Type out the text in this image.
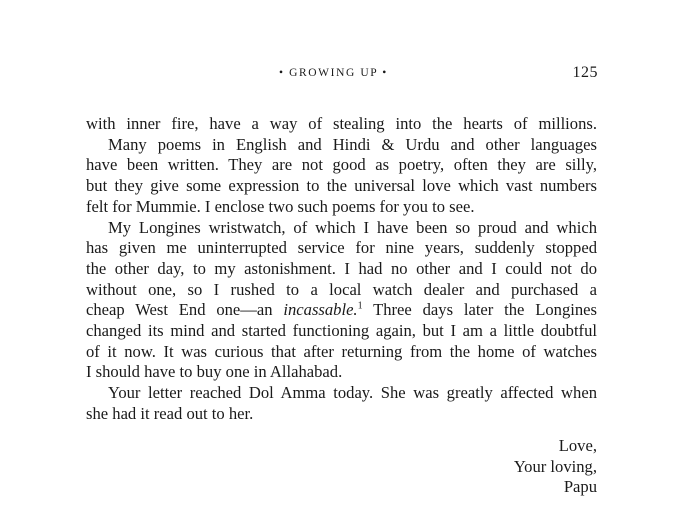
• GROWING UP •	125
with inner fire, have a way of stealing into the hearts of millions.
Many poems in English and Hindi & Urdu and other languages
have been written. They are not good as poetry, often they are silly,
but they give some expression to the universal love which vast numbers
felt for Mummie. I enclose two such poems for you to see.
My Longines wristwatch, of which I have been so proud and which
has given me uninterrupted service for nine years, suddenly stopped
the other day, to my astonishment. I had no other and I could not do
without one, so I rushed to a local watch dealer and purchased a
cheap West End one—an incassable.$^1$ Three days later the Longines
changed its mind and started functioning again, but I am a little doubtful
of it now. It was curious that after returning from the home of watches
I should have to buy one in Allahabad.
Your letter reached Dol Amma today. She was greatly affected when
she had it read out to her.
Love,
Your loving,
Papu
